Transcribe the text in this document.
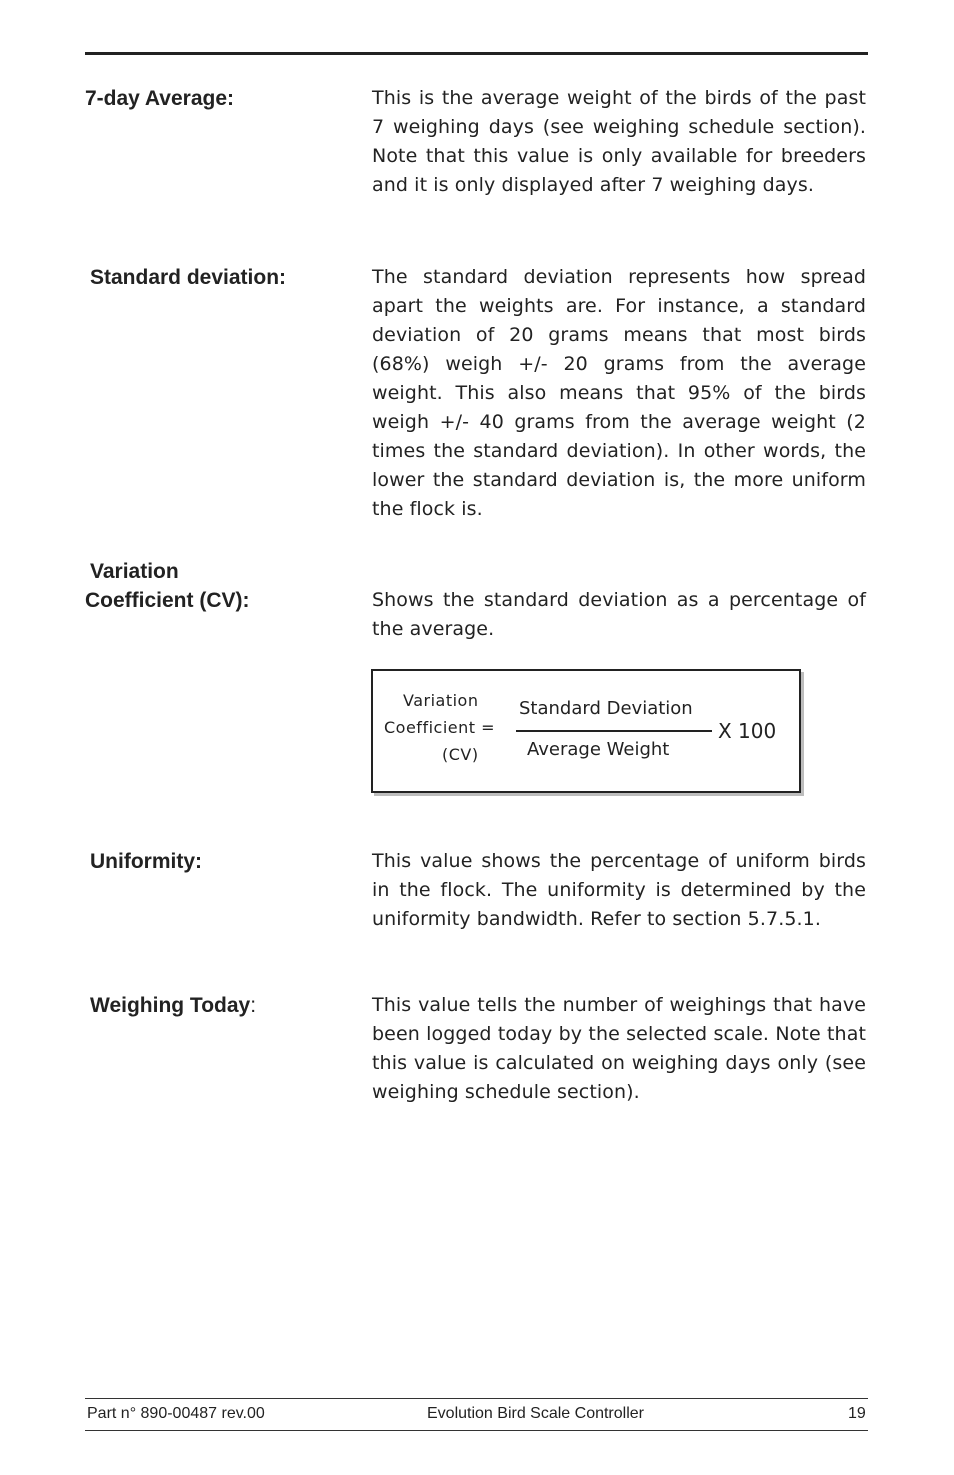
7-day Average:	This is the average weight of the birds of the past 7 weighing days (see weighing schedule section). Note that this value is only available for breeders and it is only displayed after 7 weighing days.

Standard deviation:	The standard deviation represents how spread apart the weights are. For instance, a standard deviation of 20 grams means that most birds (68%) weigh +/- 20 grams from the average weight. This also means that 95% of the birds weigh +/- 40 grams from the average weight (2 times the standard deviation). In other words, the lower the standard deviation is, the more uniform the flock is.

Variation
Coefficient (CV):	Shows the standard deviation as a percentage of the average.

Variation
Coefficient =
(CV)
Standard Deviation
Average Weight
X 100
Uniformity:	This value shows the percentage of uniform birds in the flock. The uniformity is determined by the uniformity bandwidth. Refer to section 5.7.5.1.

Weighing Today:	This value tells the number of weighings that have been logged today by the selected scale. Note that this value is calculated on weighing days only (see weighing schedule section).

Part n° 890-00487 rev.00	Evolution Bird Scale Controller	19
